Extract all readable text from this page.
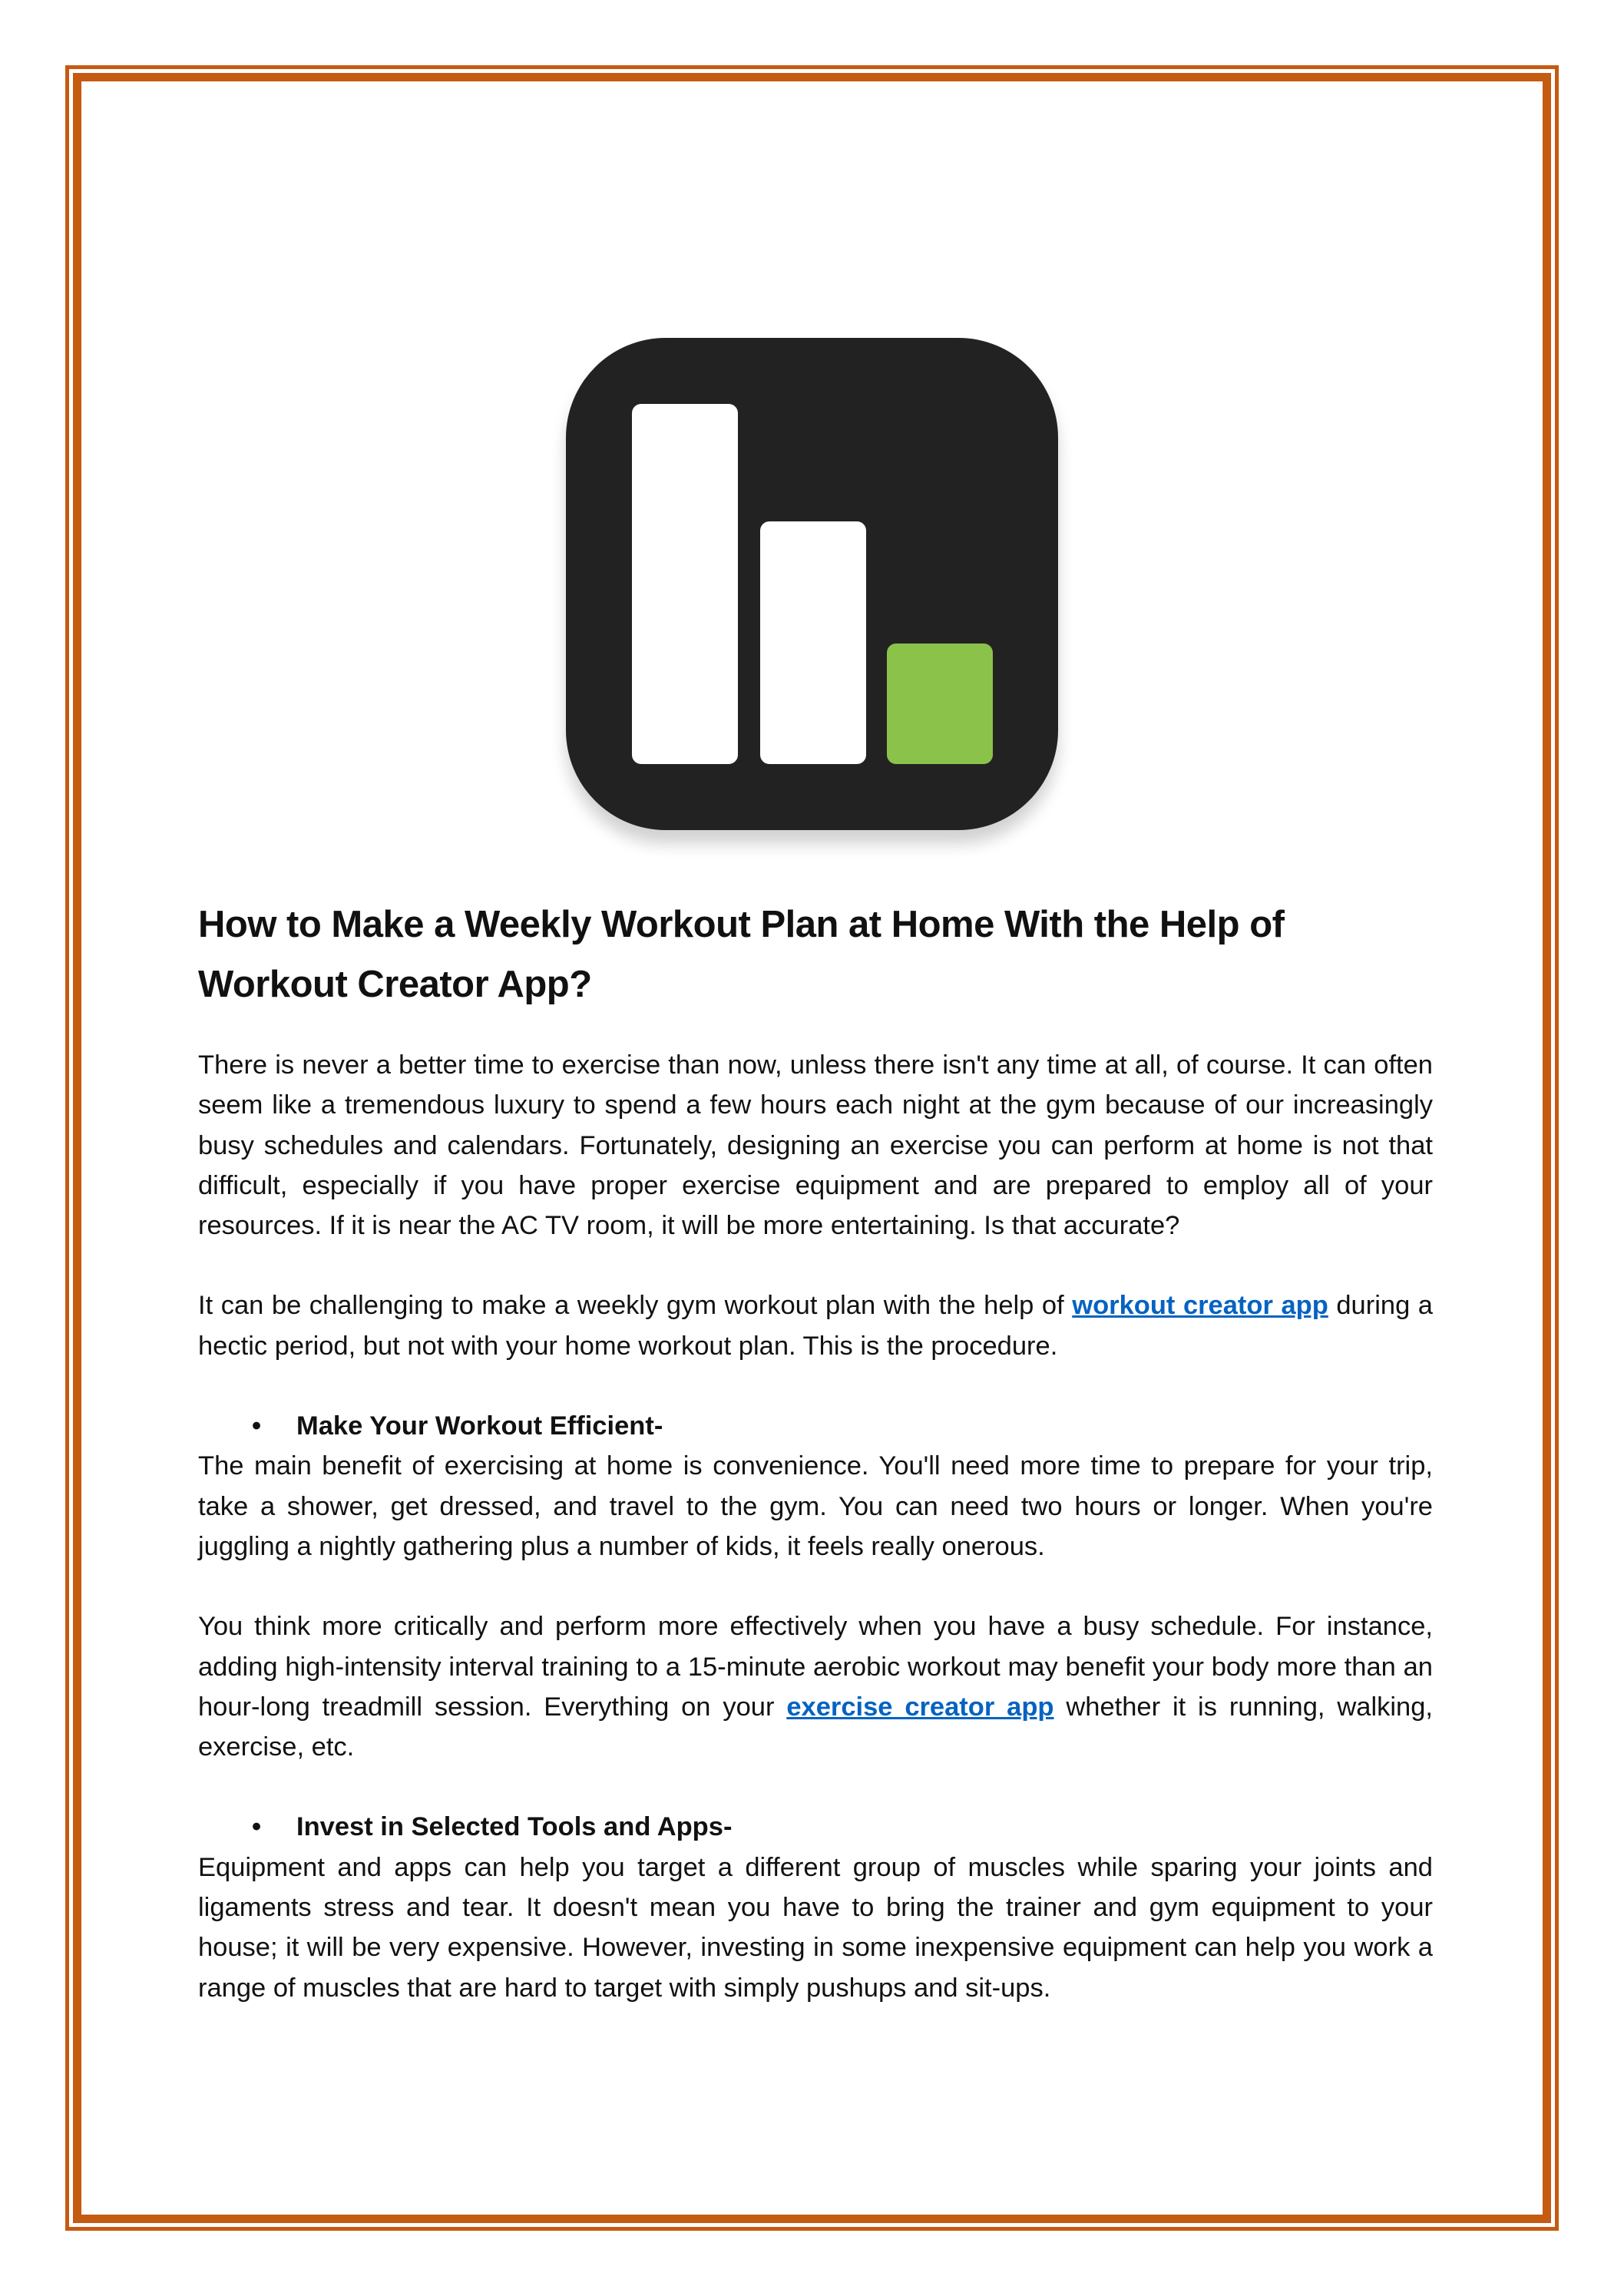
How to Make a Weekly Workout Plan at Home With the Help of Workout Creator App?

There is never a better time to exercise than now, unless there isn't any time at all, of course. It can often seem like a tremendous luxury to spend a few hours each night at the gym because of our increasingly busy schedules and calendars. Fortunately, designing an exercise you can perform at home is not that difficult, especially if you have proper exercise equipment and are prepared to employ all of your resources. If it is near the AC TV room, it will be more entertaining. Is that accurate?

It can be challenging to make a weekly gym workout plan with the help of workout creator app during a hectic period, but not with your home workout plan. This is the procedure.

• Make Your Workout Efficient-

The main benefit of exercising at home is convenience. You'll need more time to prepare for your trip, take a shower, get dressed, and travel to the gym. You can need two hours or longer. When you're juggling a nightly gathering plus a number of kids, it feels really onerous.

You think more critically and perform more effectively when you have a busy schedule. For instance, adding high-intensity interval training to a 15-minute aerobic workout may benefit your body more than an hour-long treadmill session. Everything on your exercise creator app whether it is running, walking, exercise, etc.

• Invest in Selected Tools and Apps-

Equipment and apps can help you target a different group of muscles while sparing your joints and ligaments stress and tear. It doesn't mean you have to bring the trainer and gym equipment to your house; it will be very expensive. However, investing in some inexpensive equipment can help you work a range of muscles that are hard to target with simply pushups and sit-ups.
